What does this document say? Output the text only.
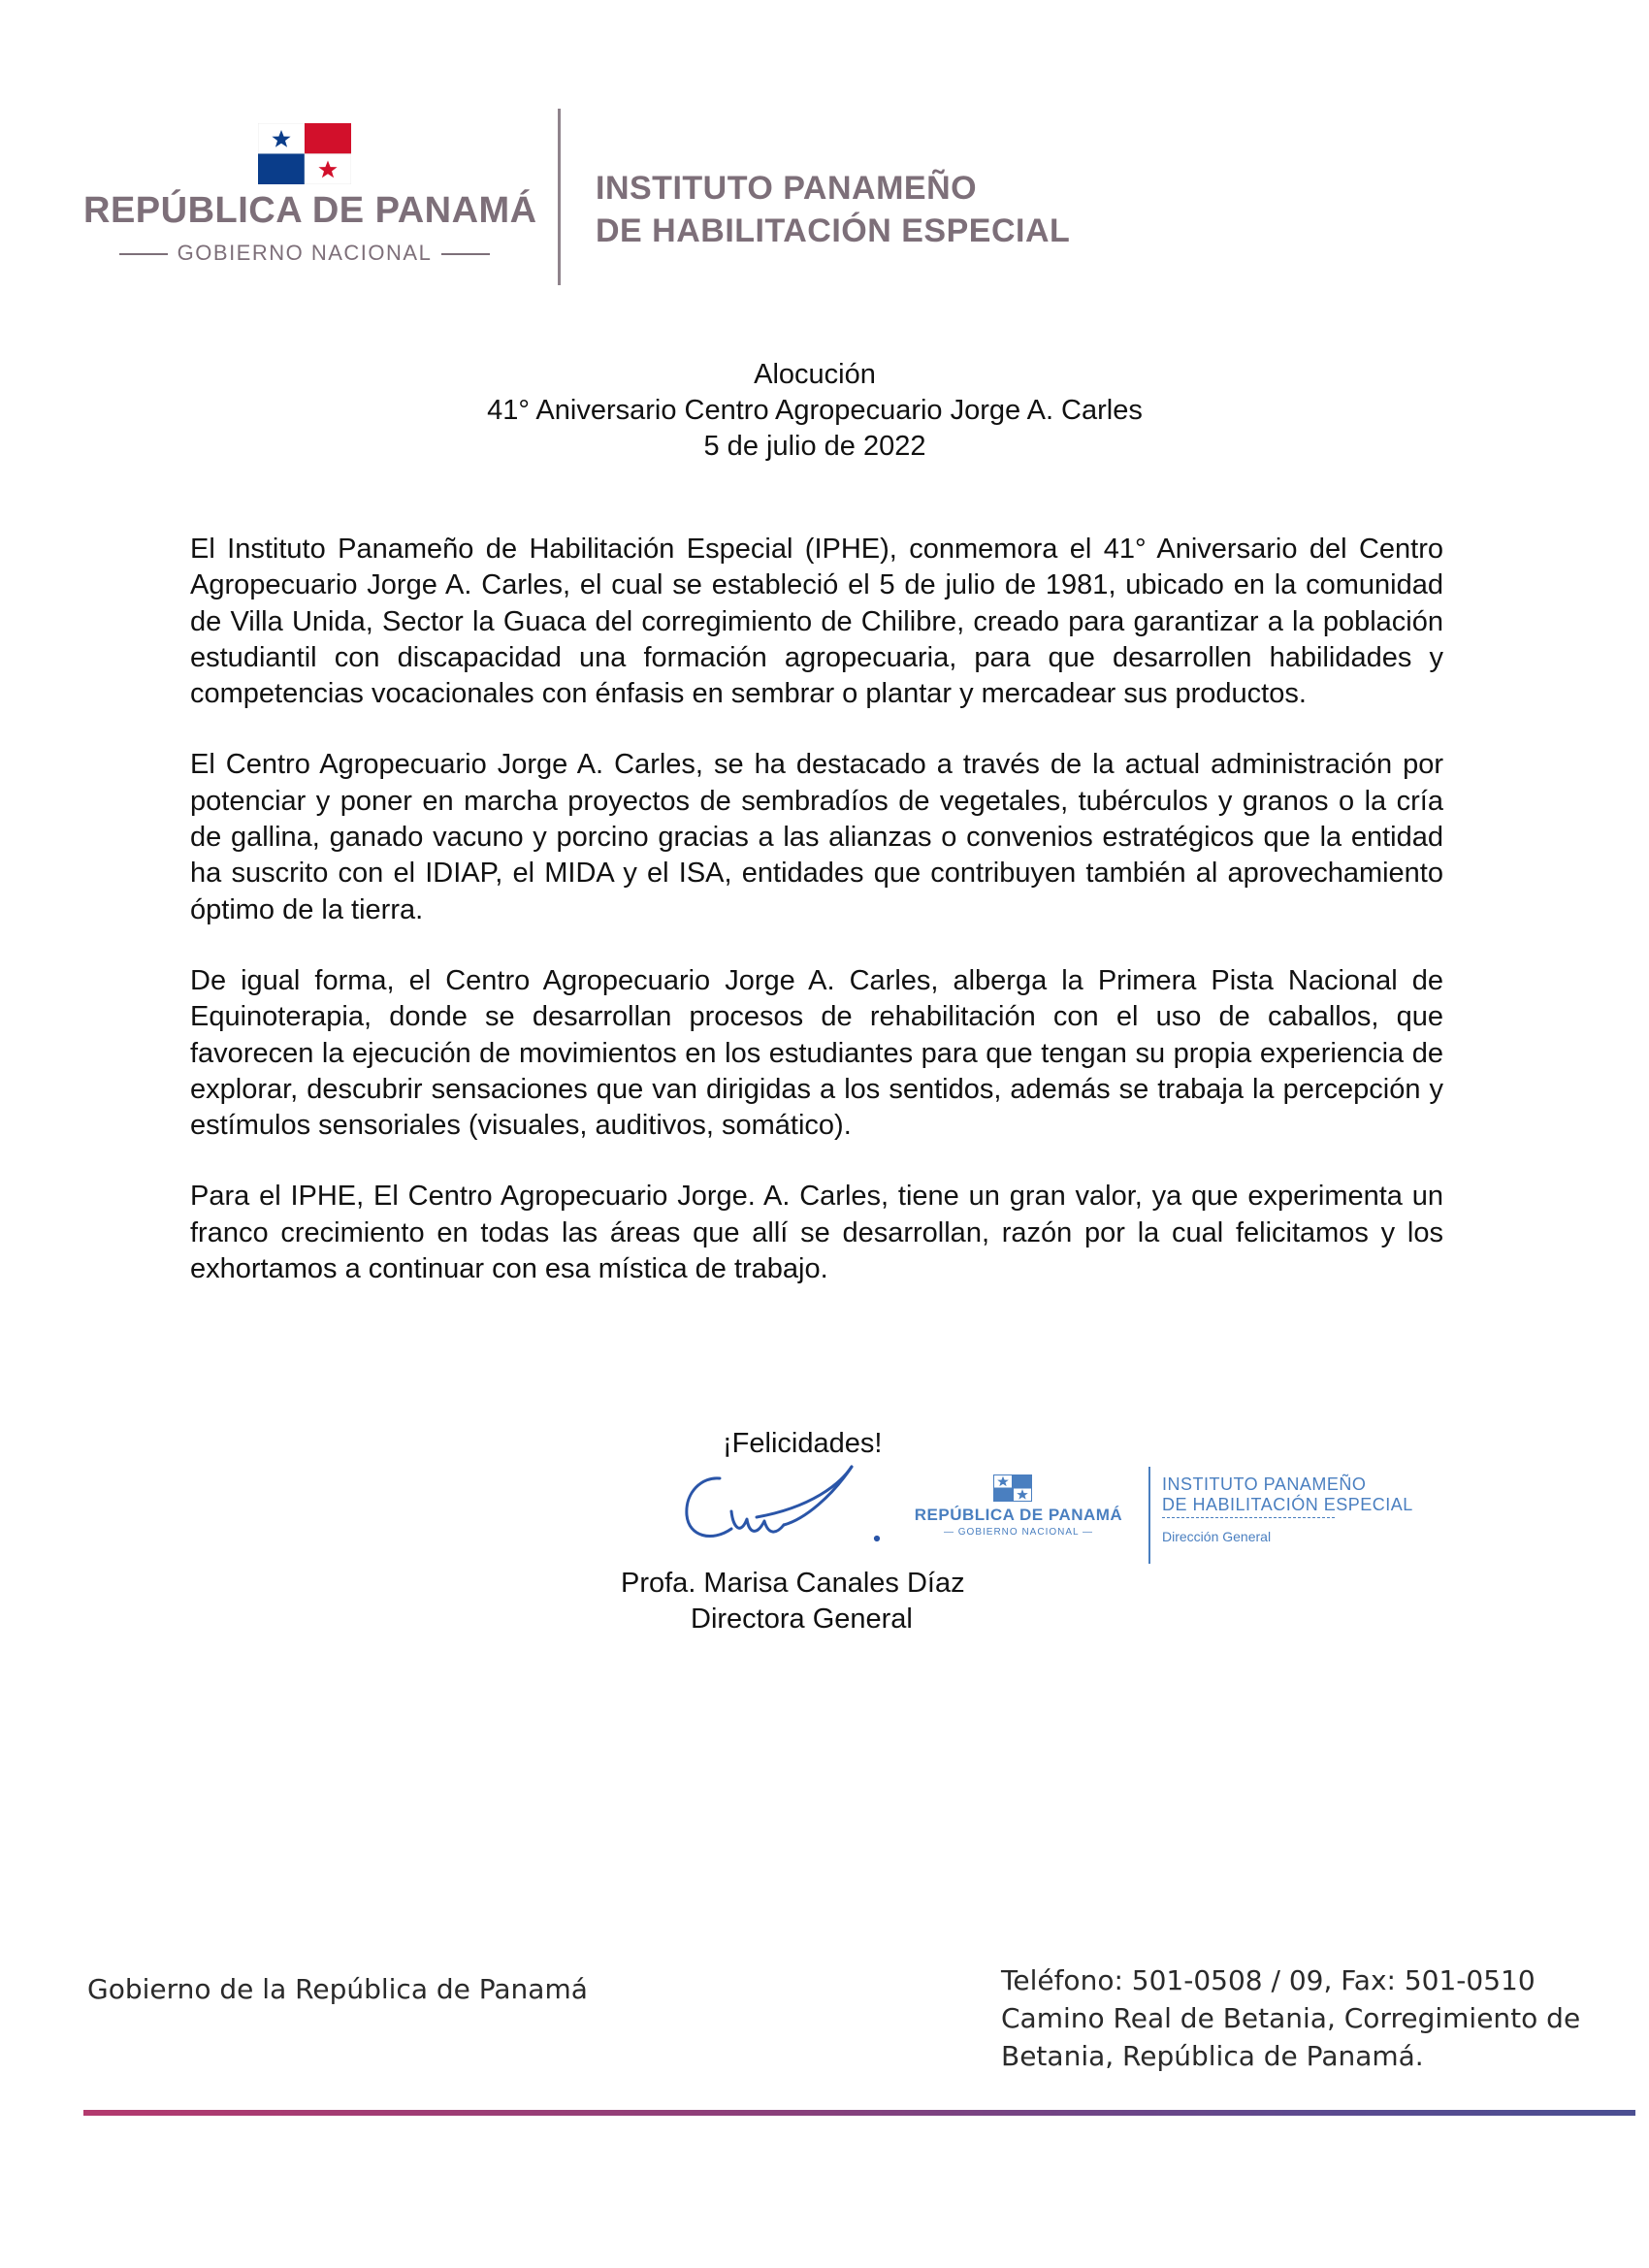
REPÚBLICA DE PANAMÁ
GOBIERNO NACIONAL
INSTITUTO PANAMEÑO
DE HABILITACIÓN ESPECIAL
Alocución
41° Aniversario Centro Agropecuario Jorge A. Carles
5 de julio de 2022

El Instituto Panameño de Habilitación Especial (IPHE), conmemora el 41° Aniversario del Centro Agropecuario Jorge A. Carles, el cual se estableció el 5 de julio de 1981, ubicado en la comunidad de Villa Unida, Sector la Guaca del corregimiento de Chilibre, creado para garantizar a la población estudiantil con discapacidad una formación agropecuaria, para que desarrollen habilidades y competencias vocacionales con énfasis en sembrar o plantar y mercadear sus productos.

El Centro Agropecuario Jorge A. Carles, se ha destacado a través de la actual administración por potenciar y poner en marcha proyectos de sembradíos de vegetales, tubérculos y granos o la cría de gallina, ganado vacuno y porcino gracias a las alianzas o convenios estratégicos que la entidad ha suscrito con el IDIAP, el MIDA y el ISA, entidades que contribuyen también al aprovechamiento óptimo de la tierra.

De igual forma, el Centro Agropecuario Jorge A. Carles, alberga la Primera Pista Nacional de Equinoterapia, donde se desarrollan procesos de rehabilitación con el uso de caballos, que favorecen la ejecución de movimientos en los estudiantes para que tengan su propia experiencia de explorar, descubrir sensaciones que van dirigidas a los sentidos, además se trabaja la percepción y estímulos sensoriales (visuales, auditivos, somático).

Para el IPHE, El Centro Agropecuario Jorge. A. Carles, tiene un gran valor, ya que experimenta un franco crecimiento en todas las áreas que allí se desarrollan, razón por la cual felicitamos y los exhortamos a continuar con esa mística de trabajo.

¡Felicidades!
REPÚBLICA DE PANAMÁ
— GOBIERNO NACIONAL —
INSTITUTO PANAMEÑO
DE HABILITACIÓN ESPECIAL
Dirección General
Profa. Marisa Canales Díaz
Directora General
Gobierno de la República de Panamá	Teléfono: 501-0508 / 09, Fax: 501-0510
Camino Real de Betania, Corregimiento de
Betania, República de Panamá.
